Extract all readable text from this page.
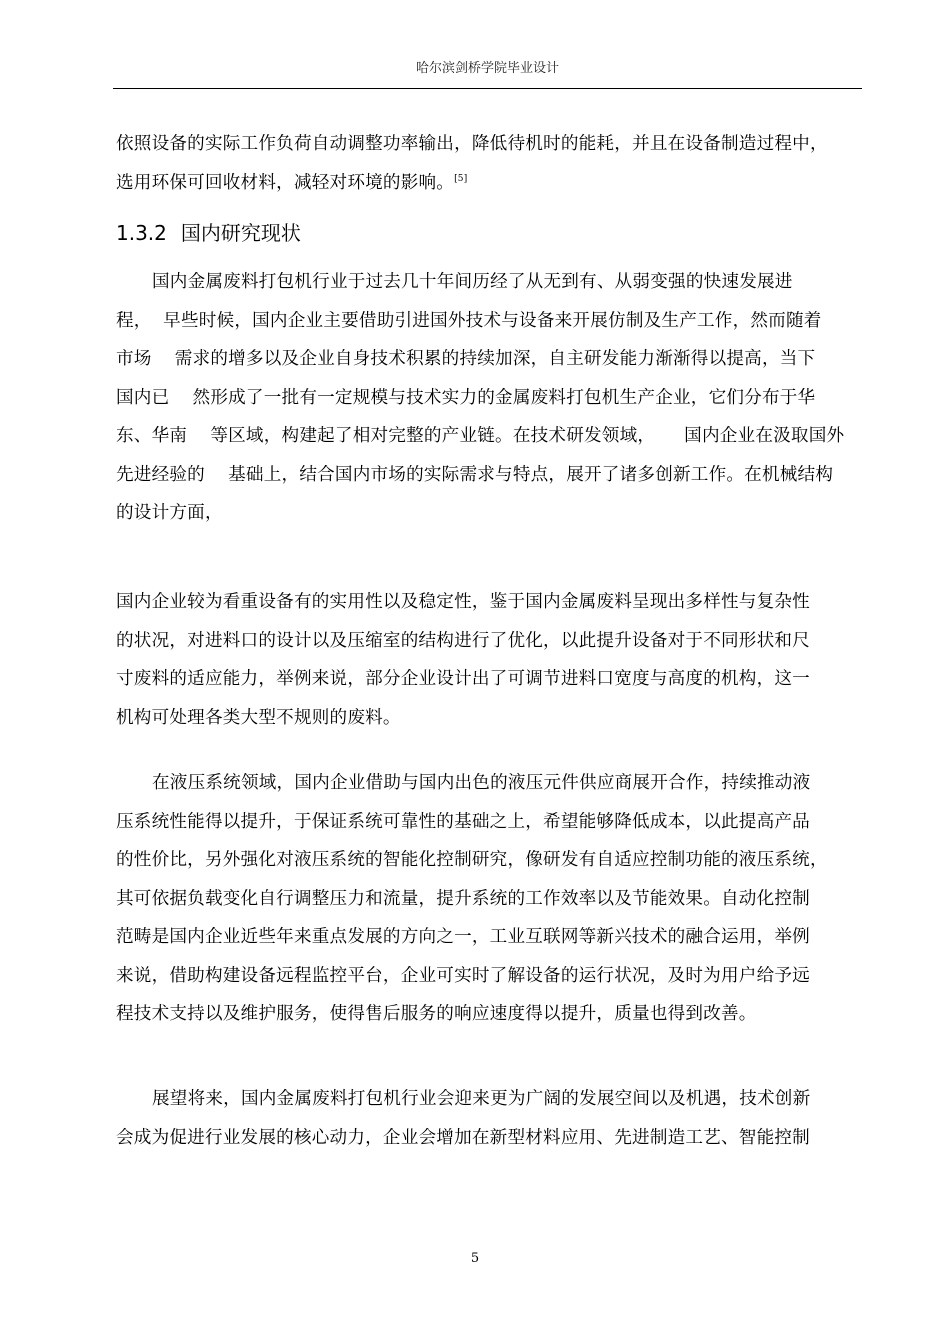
哈尔滨剑桥学院毕业设计
依照设备的实际工作负荷自动调整功率输出，降低待机时的能耗，并且在设备制造过程中，
选用环保可回收材料，减轻对环境的影响。[5]
1.3.2 国内研究现状
国内金属废料打包机行业于过去几十年间历经了从无到有、从弱变强的快速发展进
程，  早些时候，国内企业主要借助引进国外技术与设备来开展仿制及生产工作，然而随着
市场    需求的增多以及企业自身技术积累的持续加深，自主研发能力渐渐得以提高，当下
国内已    然形成了一批有一定规模与技术实力的金属废料打包机生产企业，它们分布于华
东、华南    等区域，构建起了相对完整的产业链。在技术研发领域，     国内企业在汲取国外
先进经验的    基础上，结合国内市场的实际需求与特点，展开了诸多创新工作。在机械结构
的设计方面，
国内企业较为看重设备有的实用性以及稳定性，鉴于国内金属废料呈现出多样性与复杂性
的状况，对进料口的设计以及压缩室的结构进行了优化，以此提升设备对于不同形状和尺
寸废料的适应能力，举例来说，部分企业设计出了可调节进料口宽度与高度的机构，这一
机构可处理各类大型不规则的废料。
在液压系统领域，国内企业借助与国内出色的液压元件供应商展开合作，持续推动液
压系统性能得以提升，于保证系统可靠性的基础之上，希望能够降低成本，以此提高产品
的性价比，另外强化对液压系统的智能化控制研究，像研发有自适应控制功能的液压系统，
其可依据负载变化自行调整压力和流量，提升系统的工作效率以及节能效果。自动化控制
范畴是国内企业近些年来重点发展的方向之一，工业互联网等新兴技术的融合运用，举例
来说，借助构建设备远程监控平台，企业可实时了解设备的运行状况，及时为用户给予远
程技术支持以及维护服务，使得售后服务的响应速度得以提升，质量也得到改善。
展望将来，国内金属废料打包机行业会迎来更为广阔的发展空间以及机遇，技术创新
会成为促进行业发展的核心动力，企业会增加在新型材料应用、先进制造工艺、智能控制
5
